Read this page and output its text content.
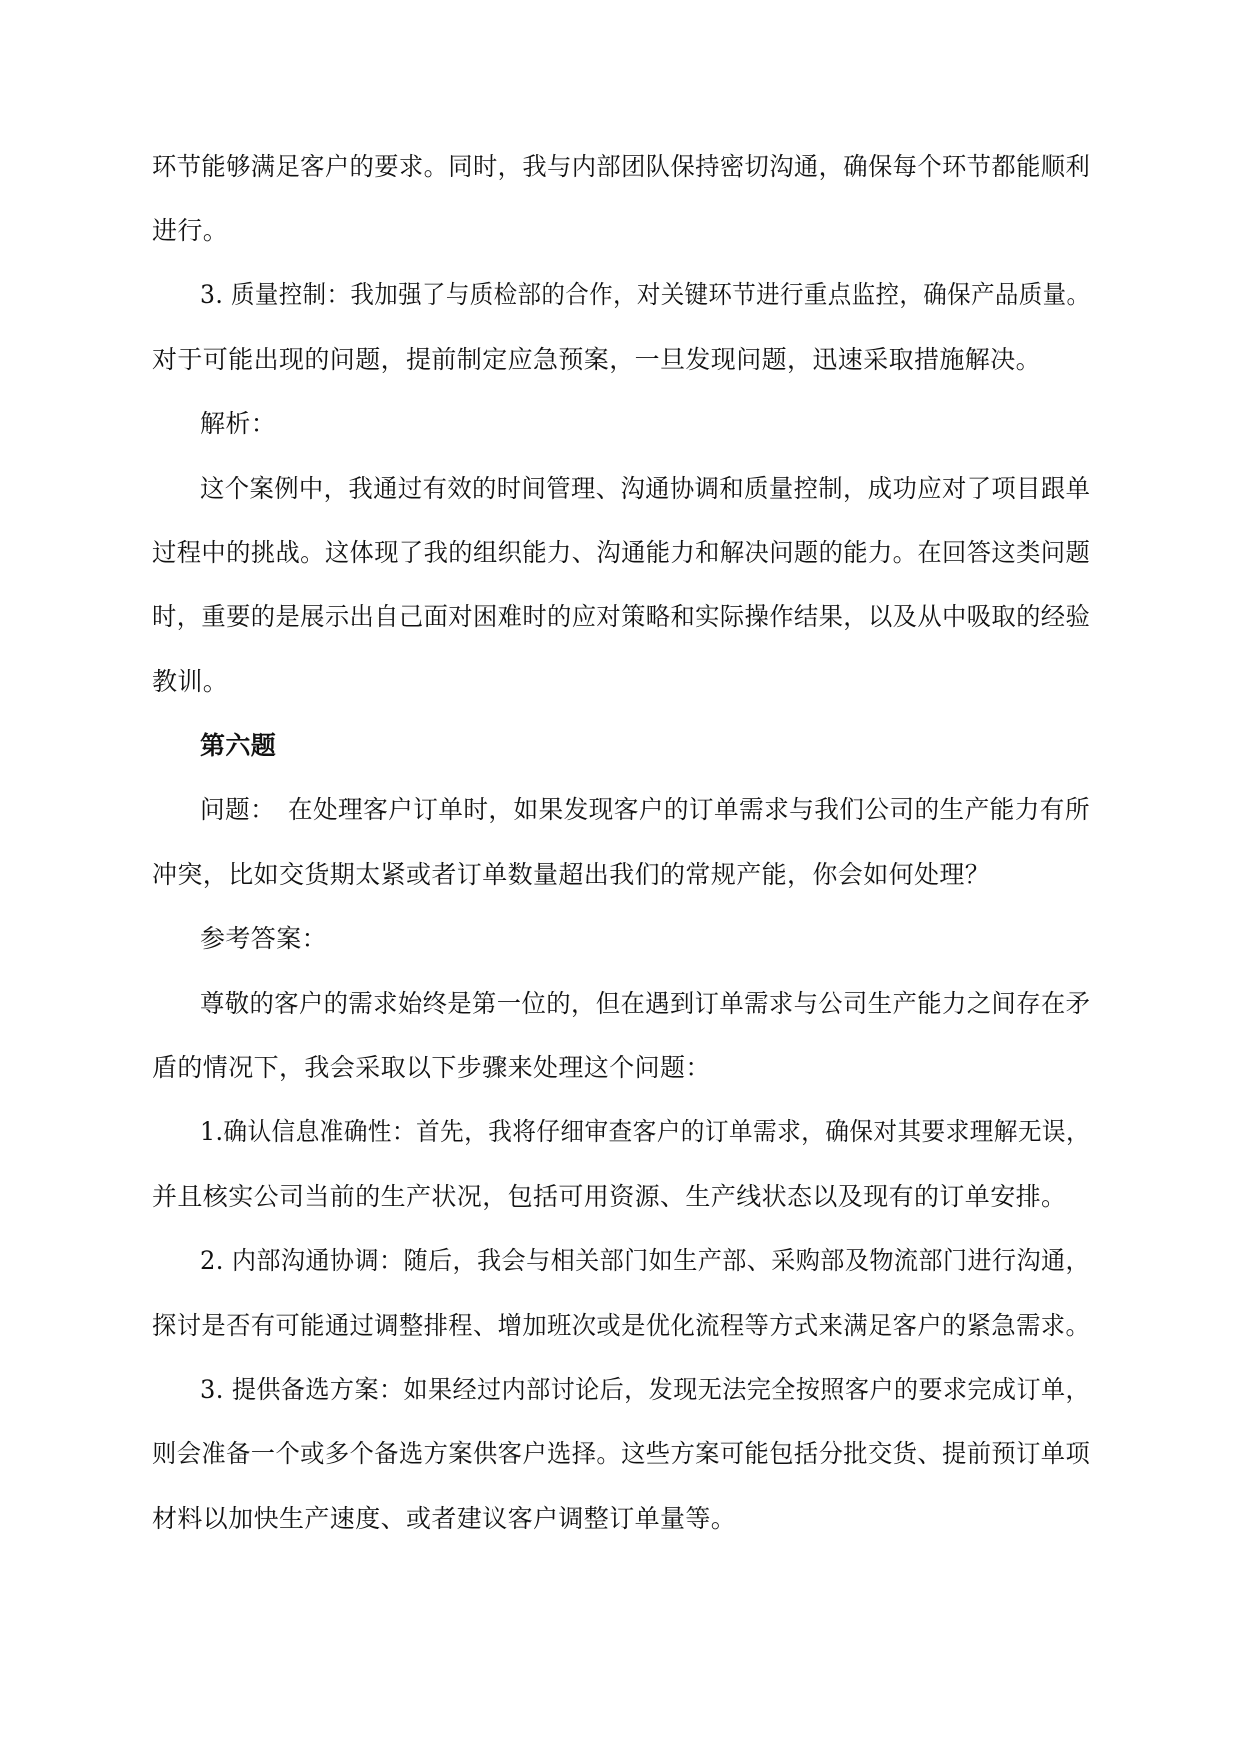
环节能够满足客户的要求。同时，我与内部团队保持密切沟通，确保每个环节都能顺利
进行。
3. 质量控制：我加强了与质检部的合作，对关键环节进行重点监控，确保产品质量。
对于可能出现的问题，提前制定应急预案，一旦发现问题，迅速采取措施解决。
解析：
这个案例中，我通过有效的时间管理、沟通协调和质量控制，成功应对了项目跟单
过程中的挑战。这体现了我的组织能力、沟通能力和解决问题的能力。在回答这类问题
时，重要的是展示出自己面对困难时的应对策略和实际操作结果，以及从中吸取的经验
教训。
第六题
问题：　在处理客户订单时，如果发现客户的订单需求与我们公司的生产能力有所
冲突，比如交货期太紧或者订单数量超出我们的常规产能，你会如何处理？
参考答案：
尊敬的客户的需求始终是第一位的，但在遇到订单需求与公司生产能力之间存在矛
盾的情况下，我会采取以下步骤来处理这个问题：
1.确认信息准确性：首先，我将仔细审查客户的订单需求，确保对其要求理解无误，
并且核实公司当前的生产状况，包括可用资源、生产线状态以及现有的订单安排。
2. 内部沟通协调：随后，我会与相关部门如生产部、采购部及物流部门进行沟通，
探讨是否有可能通过调整排程、增加班次或是优化流程等方式来满足客户的紧急需求。
3. 提供备选方案：如果经过内部讨论后，发现无法完全按照客户的要求完成订单，
则会准备一个或多个备选方案供客户选择。这些方案可能包括分批交货、提前预订单项
材料以加快生产速度、或者建议客户调整订单量等。
